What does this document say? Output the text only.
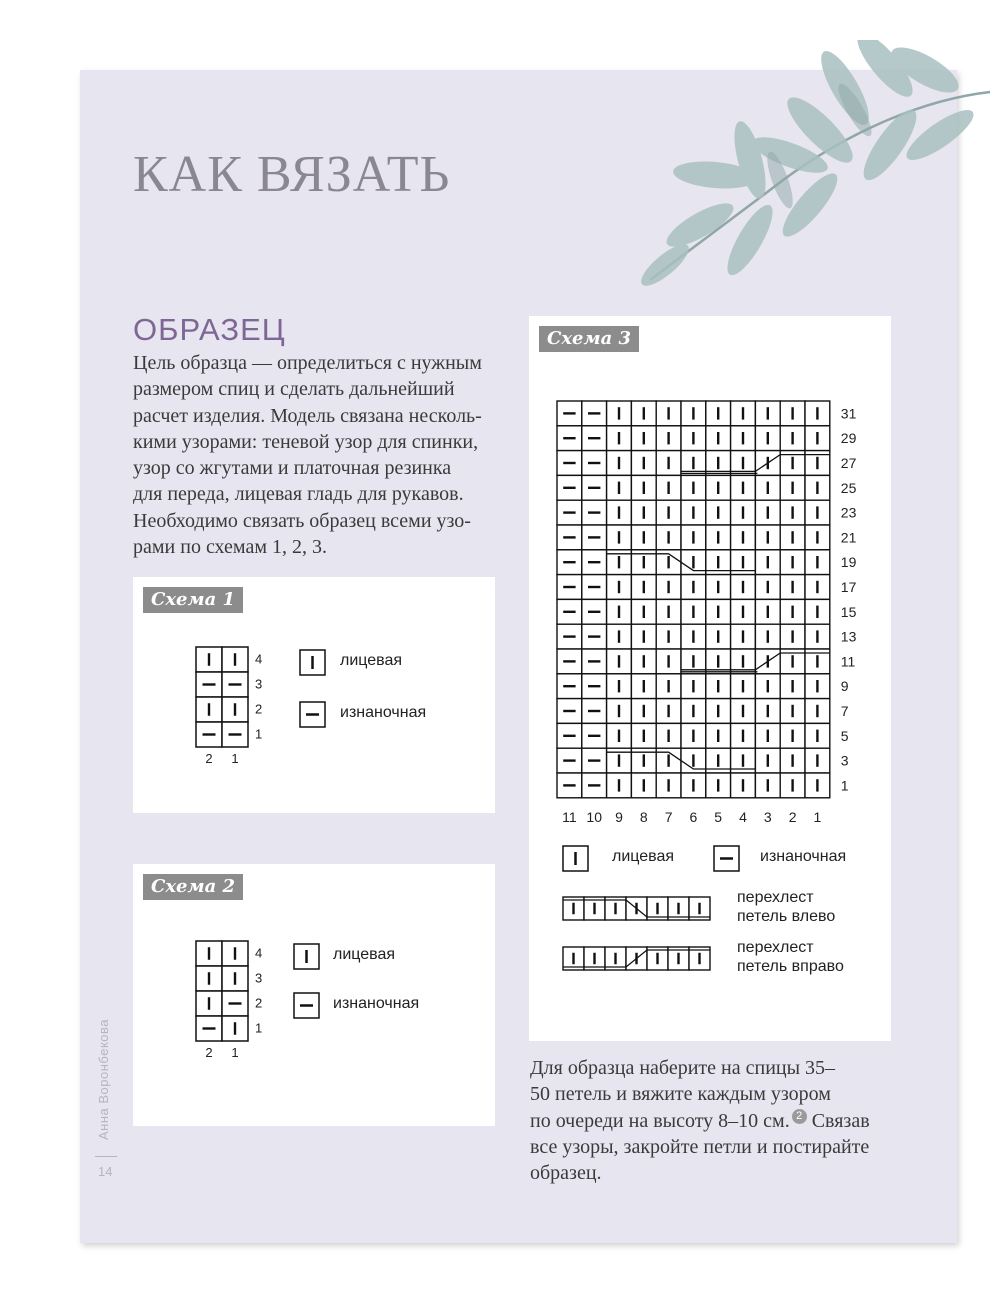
КАК ВЯЗАТЬ
ОБРАЗЕЦ
Цель образца — определиться с нужным
размером спиц и сделать дальнейший
расчет изделия. Модель связана несколь-
кими узорами: теневой узор для спинки,
узор со жгутами и платочная резинка
для переда, лицевая гладь для рукавов.
Необходимо связать образец всеми узо-
рами по схемам 1, 2, 3.
Схема 1
4
3
2
1
2 1
лицевая
изнаночная
Схема 2
4
3
2
1
2 1
лицевая
изнаночная
Схема 3
31
29
27
25
23
21
19
17
15
13
11
9
7
5
3
1
11 10 9 8 7 6 5 4 3 2 1
лицевая	изнаночная
перехлест
петель влево
перехлест
петель вправо
Для образца наберите на спицы 35–
50 петель и вяжите каждым узором
по очереди на высоту 8–10 см. 2 Связав
все узоры, закройте петли и постирайте
образец.
Анна Воронбекова
14
